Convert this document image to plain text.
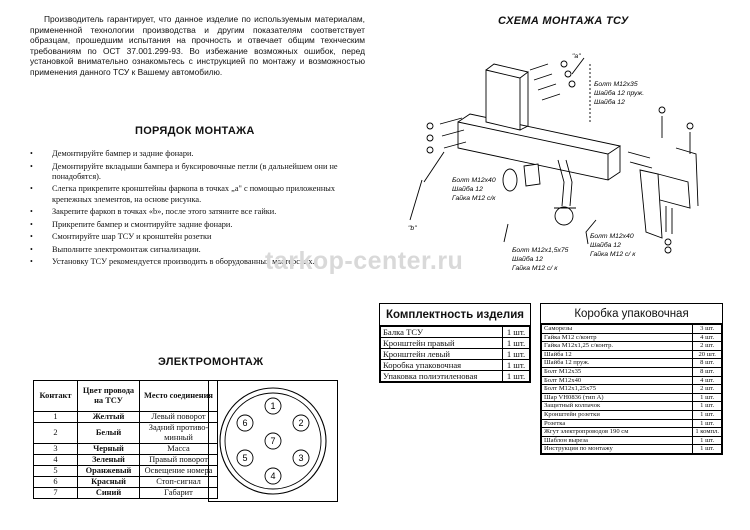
Производитель гарантирует, что данное изделие по используемым материалам, примененной технологии производства и другим показателям соответствует образцам, прошедшим испытания на прочность и отвечает общим технческим требованиям по ОСТ 37.001.299-93. Во избежание возможных ошибок, перед установкой внимательно ознакомьтесь с инструкцией по монтажу и возможностью применения данного ТСУ к Вашему автомобилю.

ПОРЯДОК МОНТАЖА
• Демонтируйте бампер и задние фонари.
• Демонтируйте вкладыши бампера и буксировочные петли (в дальнейшем они не понадобятся).
• Слегка прикрепите кронштейны фаркопа в точках „а" с помощью приложенных крепежных элементов, на основе рисунка.
• Закрепите фаркоп в точках «b», после этого затяните все гайки.
• Прикрепите бампер и смонтируйте задние фонари.
• Смонтируйте шар ТСУ и кронштейн розетки
• Выполните электромонтаж сигнализации.
• Установку ТСУ рекомендуется производить в оборудованных мастерских.
СХЕМА МОНТАЖА ТСУ
"а"
"b"
Болт М12х35
Шайба 12 пруж.
Шайба 12
Болт М12х40
Шайба 12
Гайка М12 с/к
Болт М12х1,5х75
Шайба 12
Гайка М12 с/ к
Болт М12х40
Шайба 12
Гайка М12 с/ к
tarkop-center.ru
Комплектность изделия
Балка ТСУ	1 шт.
Кронштейн правый	1 шт.
Кронштейн левый	1 шт.
Коробка упаковочная	1 шт.
Упаковка полиэтиленовая	1 шт.
Коробка упаковочная
Саморезы	3 шт.
Гайка М12 с/контр	4 шт.
Гайка М12х1,25 с/контр.	2 шт.
Шайба 12	20 шт.
Шайба 12 пруж.	8 шт.
Болт М12х35	8 шт.
Болт М12х40	4 шт.
Болт М12х1,25х75	2 шт.
Шар VH0836 (тип А)	1 шт.
Защитный колпачок	1 шт.
Кронштейн розетки	1 шт.
Розетка	1 шт.
Жгут электропроводов 190 см	1 компл.
Шаблон выреза	1 шт.
Инструкция по монтажу	1 шт.
ЭЛЕКТРОМОНТАЖ
Контакт	Цвет провода на ТСУ	Место соединения
1	Желтый	Левый поворот
2	Белый	Задний противо-минный
3	Черный	Масса
4	Зеленый	Правый поворот
5	Оранжевый	Освещение номера
6	Красный	Стоп-сигнал
7	Синий	Габарит
1
2
3
4
5
6
7
